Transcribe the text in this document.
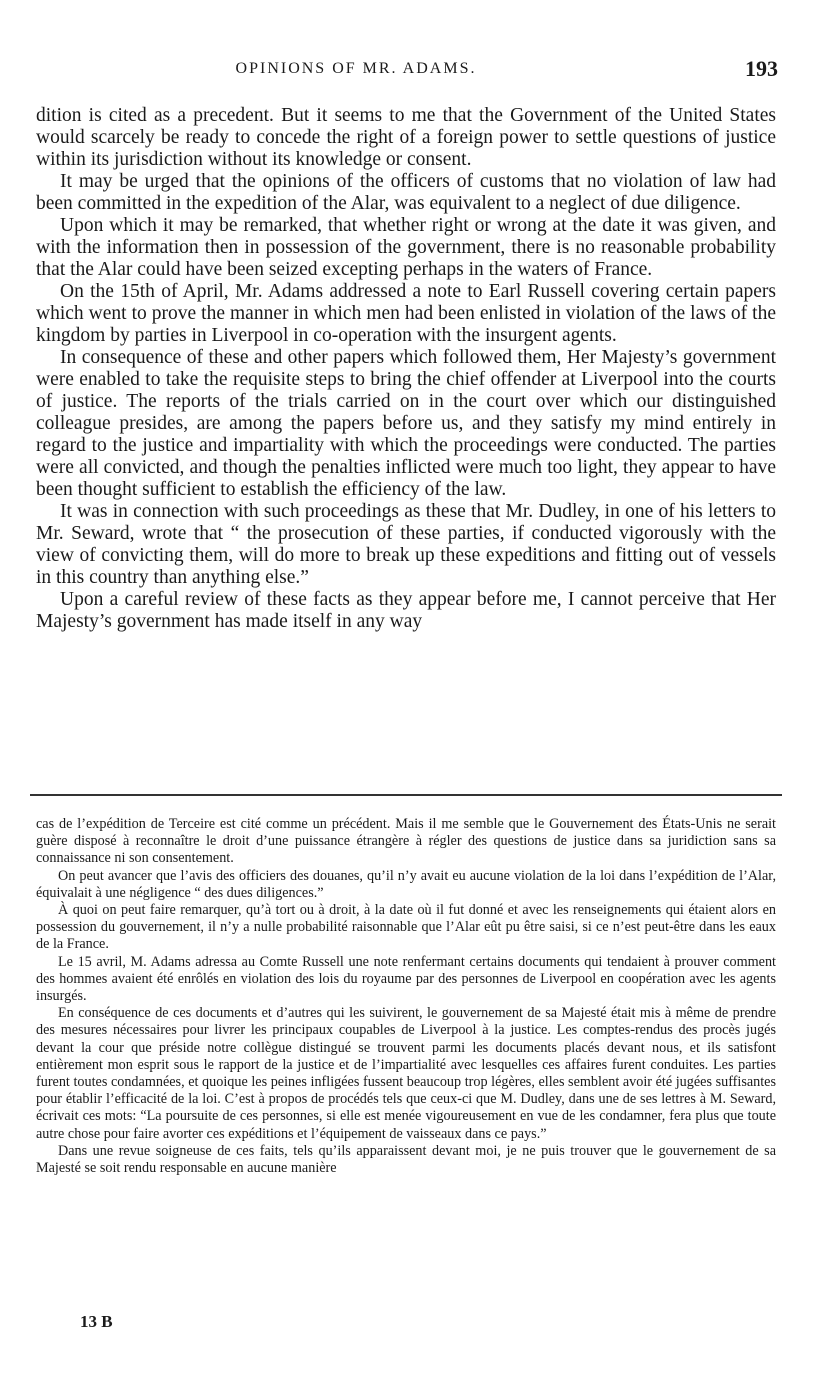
OPINIONS OF MR. ADAMS.	193

dition is cited as a precedent. But it seems to me that the Government of the United States would scarcely be ready to concede the right of a foreign power to settle questions of justice within its jurisdiction without its knowledge or consent.

It may be urged that the opinions of the officers of customs that no violation of law had been committed in the expedition of the Alar, was equivalent to a neglect of due diligence.

Upon which it may be remarked, that whether right or wrong at the date it was given, and with the information then in possession of the government, there is no reasonable probability that the Alar could have been seized excepting perhaps in the waters of France.

On the 15th of April, Mr. Adams addressed a note to Earl Russell covering certain papers which went to prove the manner in which men had been enlisted in violation of the laws of the kingdom by parties in Liverpool in co-operation with the insurgent agents.

In consequence of these and other papers which followed them, Her Majesty’s government were enabled to take the requisite steps to bring the chief offender at Liverpool into the courts of justice. The reports of the trials carried on in the court over which our distinguished colleague presides, are among the papers before us, and they satisfy my mind entirely in regard to the justice and impartiality with which the proceedings were conducted. The parties were all convicted, and though the penalties inflicted were much too light, they appear to have been thought sufficient to establish the efficiency of the law.

It was in connection with such proceedings as these that Mr. Dudley, in one of his letters to Mr. Seward, wrote that “ the prosecution of these parties, if conducted vigorously with the view of convicting them, will do more to break up these expeditions and fitting out of vessels in this country than anything else.”

Upon a careful review of these facts as they appear before me, I cannot perceive that Her Majesty’s government has made itself in any way

cas de l’expédition de Terceire est cité comme un précédent. Mais il me semble que le Gouvernement des États-Unis ne serait guère disposé à reconnaître le droit d’une puissance étrangère à régler des questions de justice dans sa juridiction sans sa connaissance ni son consentement.

On peut avancer que l’avis des officiers des douanes, qu’il n’y avait eu aucune violation de la loi dans l’expédition de l’Alar, équivalait à une négligence “ des dues diligences.”

À quoi on peut faire remarquer, qu’à tort ou à droit, à la date où il fut donné et avec les renseignements qui étaient alors en possession du gouvernement, il n’y a nulle probabilité raisonnable que l’Alar eût pu être saisi, si ce n’est peut-être dans les eaux de la France.

Le 15 avril, M. Adams adressa au Comte Russell une note renfermant certains documents qui tendaient à prouver comment des hommes avaient été enrôlés en violation des lois du royaume par des personnes de Liverpool en coopération avec les agents insurgés.

En conséquence de ces documents et d’autres qui les suivirent, le gouvernement de sa Majesté était mis à même de prendre des mesures nécessaires pour livrer les principaux coupables de Liverpool à la justice. Les comptes-rendus des procès jugés devant la cour que préside notre collègue distingué se trouvent parmi les documents placés devant nous, et ils satisfont entièrement mon esprit sous le rapport de la justice et de l’impartialité avec lesquelles ces affaires furent conduites. Les parties furent toutes condamnées, et quoique les peines infligées fussent beaucoup trop légères, elles semblent avoir été jugées suffisantes pour établir l’efficacité de la loi. C’est à propos de procédés tels que ceux-ci que M. Dudley, dans une de ses lettres à M. Seward, écrivait ces mots: “La poursuite de ces personnes, si elle est menée vigoureusement en vue de les condamner, fera plus que toute autre chose pour faire avorter ces expéditions et l’équipement de vaisseaux dans ce pays.”

Dans une revue soigneuse de ces faits, tels qu’ils apparaissent devant moi, je ne puis trouver que le gouvernement de sa Majesté se soit rendu responsable en aucune manière

13 B
